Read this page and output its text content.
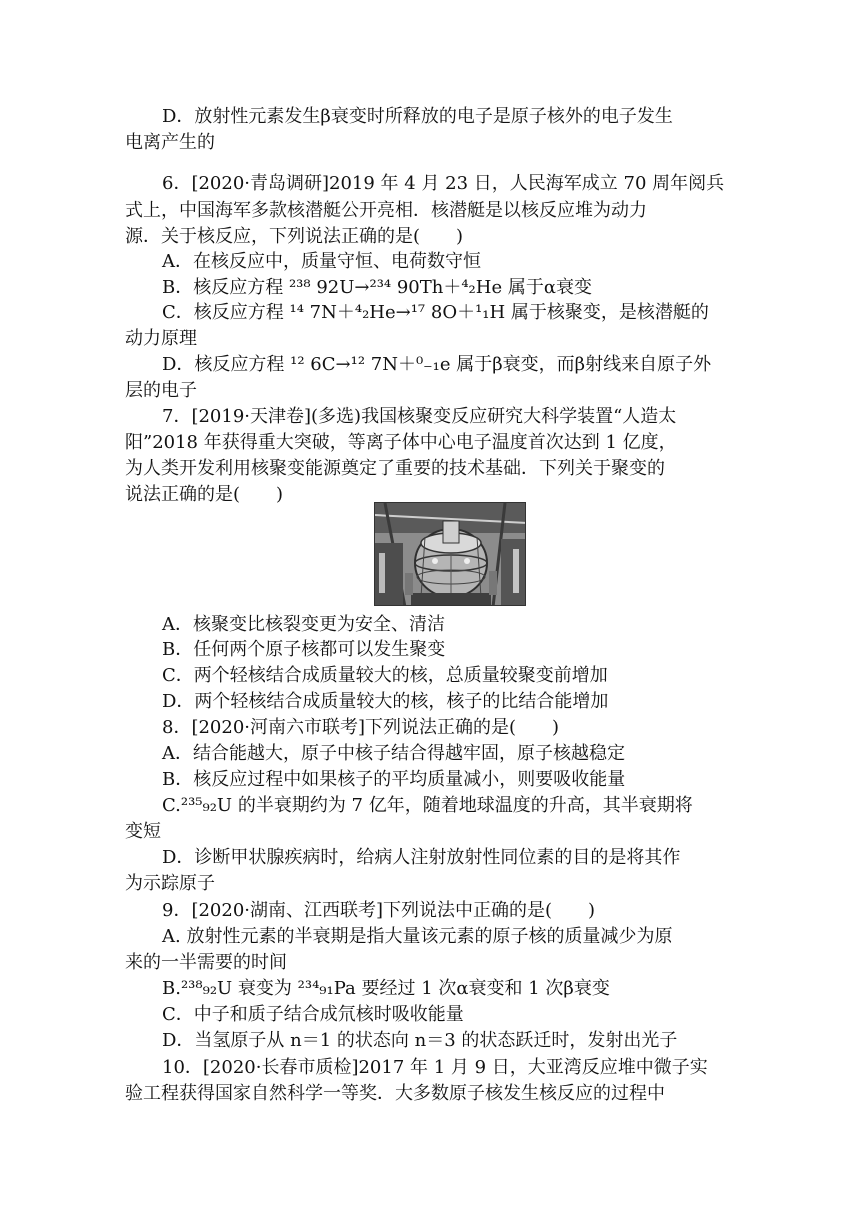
D．放射性元素发生β衰变时所释放的电子是原子核外的电子发生
电离产生的
6．[2020·青岛调研]2019 年 4 月 23 日，人民海军成立 70 周年阅兵
式上，中国海军多款核潜艇公开亮相．核潜艇是以核反应堆为动力
源．关于核反应，下列说法正确的是(　　)
A．在核反应中，质量守恒、电荷数守恒
B．核反应方程 ²³⁸ 92U→²³⁴ 90Th＋⁴₂He 属于α衰变
C．核反应方程 ¹⁴ 7N＋⁴₂He→¹⁷ 8O＋¹₁H 属于核聚变，是核潜艇的
动力原理
D．核反应方程 ¹² 6C→¹² 7N＋⁰₋₁e 属于β衰变，而β射线来自原子外
层的电子
7．[2019·天津卷](多选)我国核聚变反应研究大科学装置“人造太
阳”2018 年获得重大突破，等离子体中心电子温度首次达到 1 亿度，
为人类开发利用核聚变能源奠定了重要的技术基础．下列关于聚变的
说法正确的是(　　)
A．核聚变比核裂变更为安全、清洁
B．任何两个原子核都可以发生聚变
C．两个轻核结合成质量较大的核，总质量较聚变前增加
D．两个轻核结合成质量较大的核，核子的比结合能增加
8．[2020·河南六市联考]下列说法正确的是(　　)
A．结合能越大，原子中核子结合得越牢固，原子核越稳定
B．核反应过程中如果核子的平均质量减小，则要吸收能量
C.²³⁵₉₂U 的半衰期约为 7 亿年，随着地球温度的升高，其半衰期将
变短
D．诊断甲状腺疾病时，给病人注射放射性同位素的目的是将其作
为示踪原子
9．[2020·湖南、江西联考]下列说法中正确的是(　　)
A. 放射性元素的半衰期是指大量该元素的原子核的质量减少为原
来的一半需要的时间
B.²³⁸₉₂U 衰变为 ²³⁴₉₁Pa 要经过 1 次α衰变和 1 次β衰变
C．中子和质子结合成氘核时吸收能量
D．当氢原子从 n＝1 的状态向 n＝3 的状态跃迁时，发射出光子
10．[2020·长春市质检]2017 年 1 月 9 日，大亚湾反应堆中微子实
验工程获得国家自然科学一等奖．大多数原子核发生核反应的过程中
